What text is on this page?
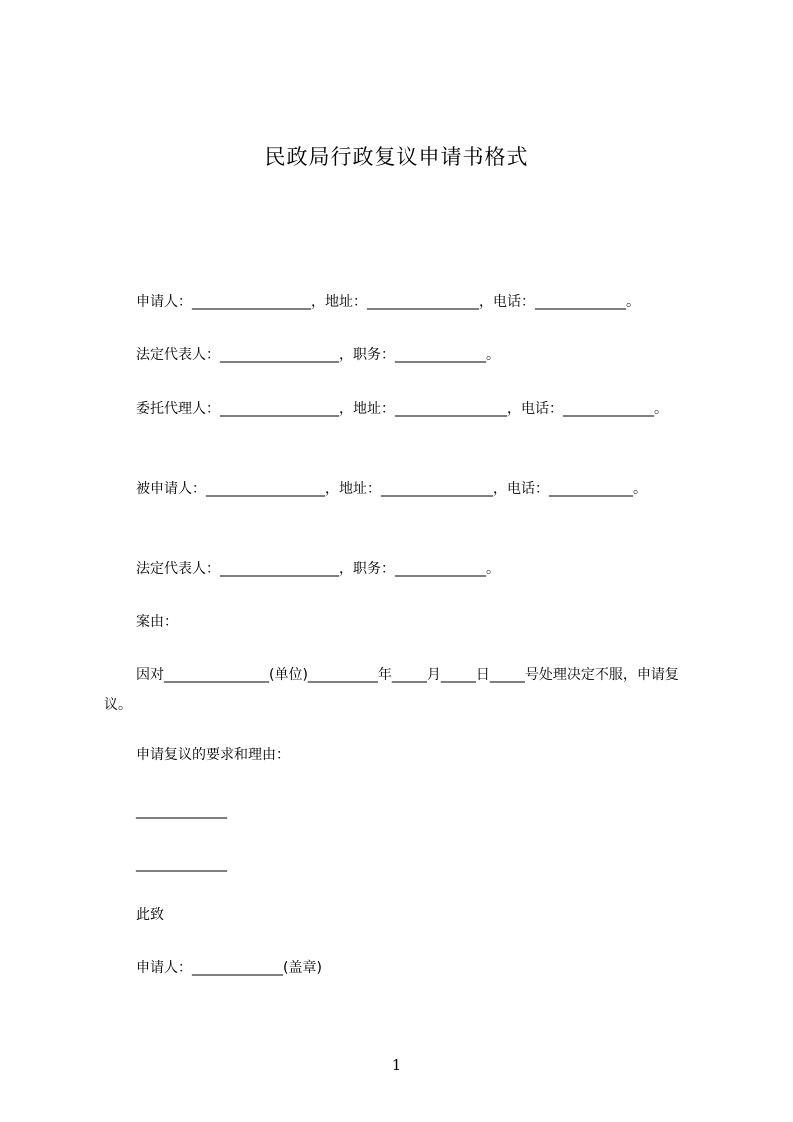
民政局行政复议申请书格式
申请人：_________________，地址：________________，电话：_____________。
法定代表人：_________________，职务：_____________。
委托代理人：_________________，地址：________________，电话：_____________。
被申请人：_________________，地址：________________，电话：____________。
法定代表人：_________________，职务：_____________。
案由：
因对_______________(单位)__________年_____月_____日_____号处理决定不服，申请复议。
申请复议的要求和理由：
_____________
_____________
此致
申请人：_____________(盖章)
1
